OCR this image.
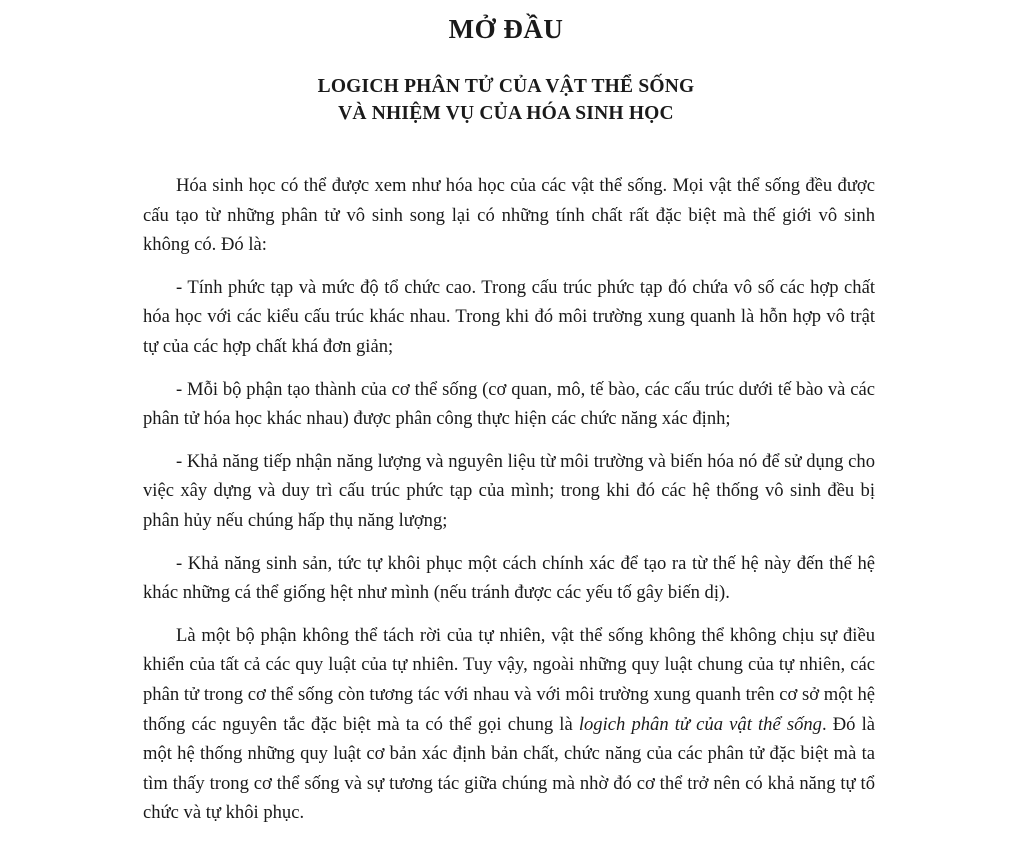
MỞ ĐẦU
LOGICH PHÂN TỬ CỦA VẬT THỂ SỐNG
VÀ NHIỆM VỤ CỦA HÓA SINH HỌC

Hóa sinh học có thể được xem như hóa học của các vật thể sống. Mọi vật thể sống đều được cấu tạo từ những phân tử vô sinh song lại có những tính chất rất đặc biệt mà thế giới vô sinh không có. Đó là:

- Tính phức tạp và mức độ tổ chức cao. Trong cấu trúc phức tạp đó chứa vô số các hợp chất hóa học với các kiểu cấu trúc khác nhau. Trong khi đó môi trường xung quanh là hỗn hợp vô trật tự của các hợp chất khá đơn giản;

- Mỗi bộ phận tạo thành của cơ thể sống (cơ quan, mô, tế bào, các cấu trúc dưới tế bào và các phân tử hóa học khác nhau) được phân công thực hiện các chức năng xác định;

- Khả năng tiếp nhận năng lượng và nguyên liệu từ môi trường và biến hóa nó để sử dụng cho việc xây dựng và duy trì cấu trúc phức tạp của mình; trong khi đó các hệ thống vô sinh đều bị phân hủy nếu chúng hấp thụ năng lượng;

- Khả năng sinh sản, tức tự khôi phục một cách chính xác để tạo ra từ thế hệ này đến thế hệ khác những cá thể giống hệt như mình (nếu tránh được các yếu tố gây biến dị).

Là một bộ phận không thể tách rời của tự nhiên, vật thể sống không thể không chịu sự điều khiển của tất cả các quy luật của tự nhiên. Tuy vậy, ngoài những quy luật chung của tự nhiên, các phân tử trong cơ thể sống còn tương tác với nhau và với môi trường xung quanh trên cơ sở một hệ thống các nguyên tắc đặc biệt mà ta có thể gọi chung là logich phân tử của vật thể sống. Đó là một hệ thống những quy luật cơ bản xác định bản chất, chức năng của các phân tử đặc biệt mà ta tìm thấy trong cơ thể sống và sự tương tác giữa chúng mà nhờ đó cơ thể trở nên có khả năng tự tổ chức và tự khôi phục.
